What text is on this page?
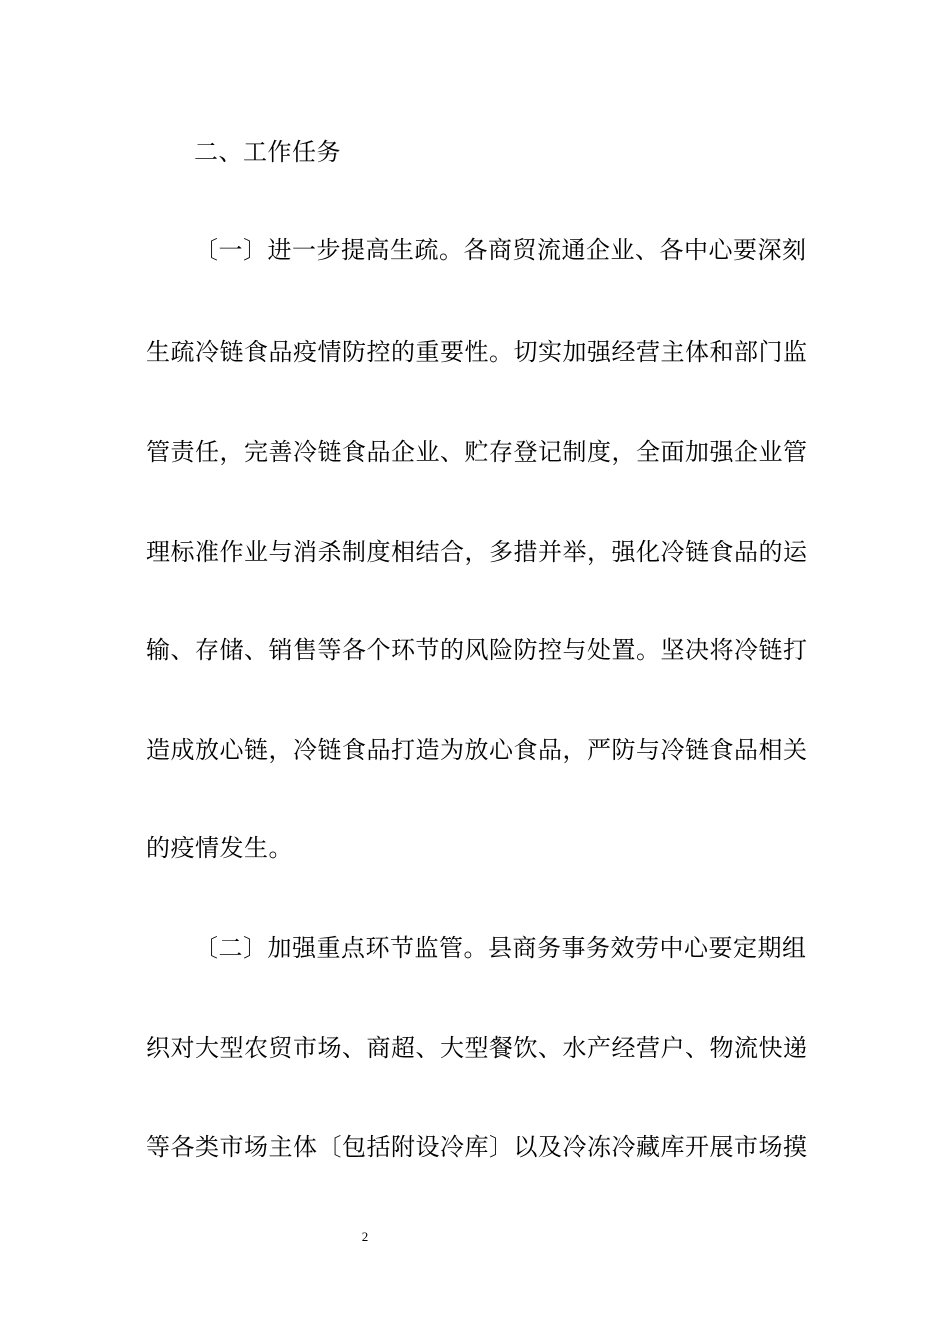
二、工作任务
〔一〕进一步提高生疏。各商贸流通企业、各中心要深刻
生疏冷链食品疫情防控的重要性。切实加强经营主体和部门监
管责任，完善冷链食品企业、贮存登记制度，全面加强企业管
理标准作业与消杀制度相结合，多措并举，强化冷链食品的运
输、存储、销售等各个环节的风险防控与处置。坚决将冷链打
造成放心链，冷链食品打造为放心食品，严防与冷链食品相关
的疫情发生。
〔二〕加强重点环节监管。县商务事务效劳中心要定期组
织对大型农贸市场、商超、大型餐饮、水产经营户、物流快递
等各类市场主体〔包括附设冷库〕以及冷冻冷藏库开展市场摸
2
